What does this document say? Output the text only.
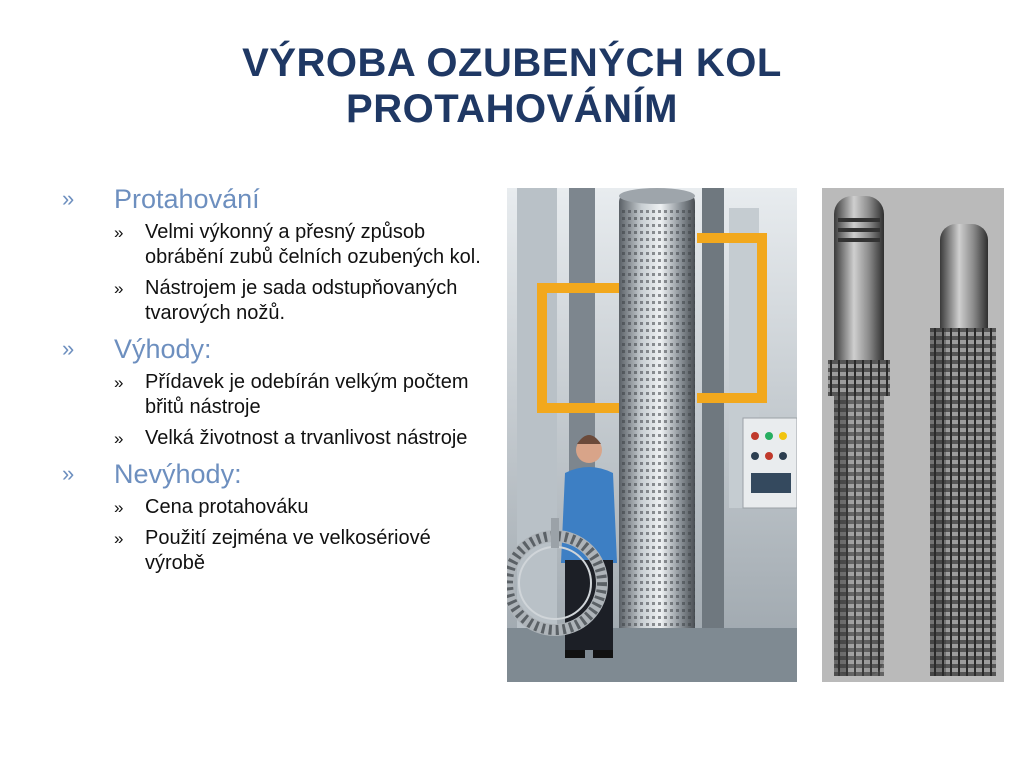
VÝROBA OZUBENÝCH KOL
PROTAHOVÁNÍM
» Protahování
» Velmi výkonný a přesný způsob obrábění zubů čelních ozubených kol.
» Nástrojem je sada odstupňovaných tvarových nožů.
» Výhody:
» Přídavek je odebírán velkým počtem břitů nástroje
» Velká životnost a trvanlivost nástroje
» Nevýhody:
» Cena protahováku
» Použití zejména ve velkosériové výrobě
